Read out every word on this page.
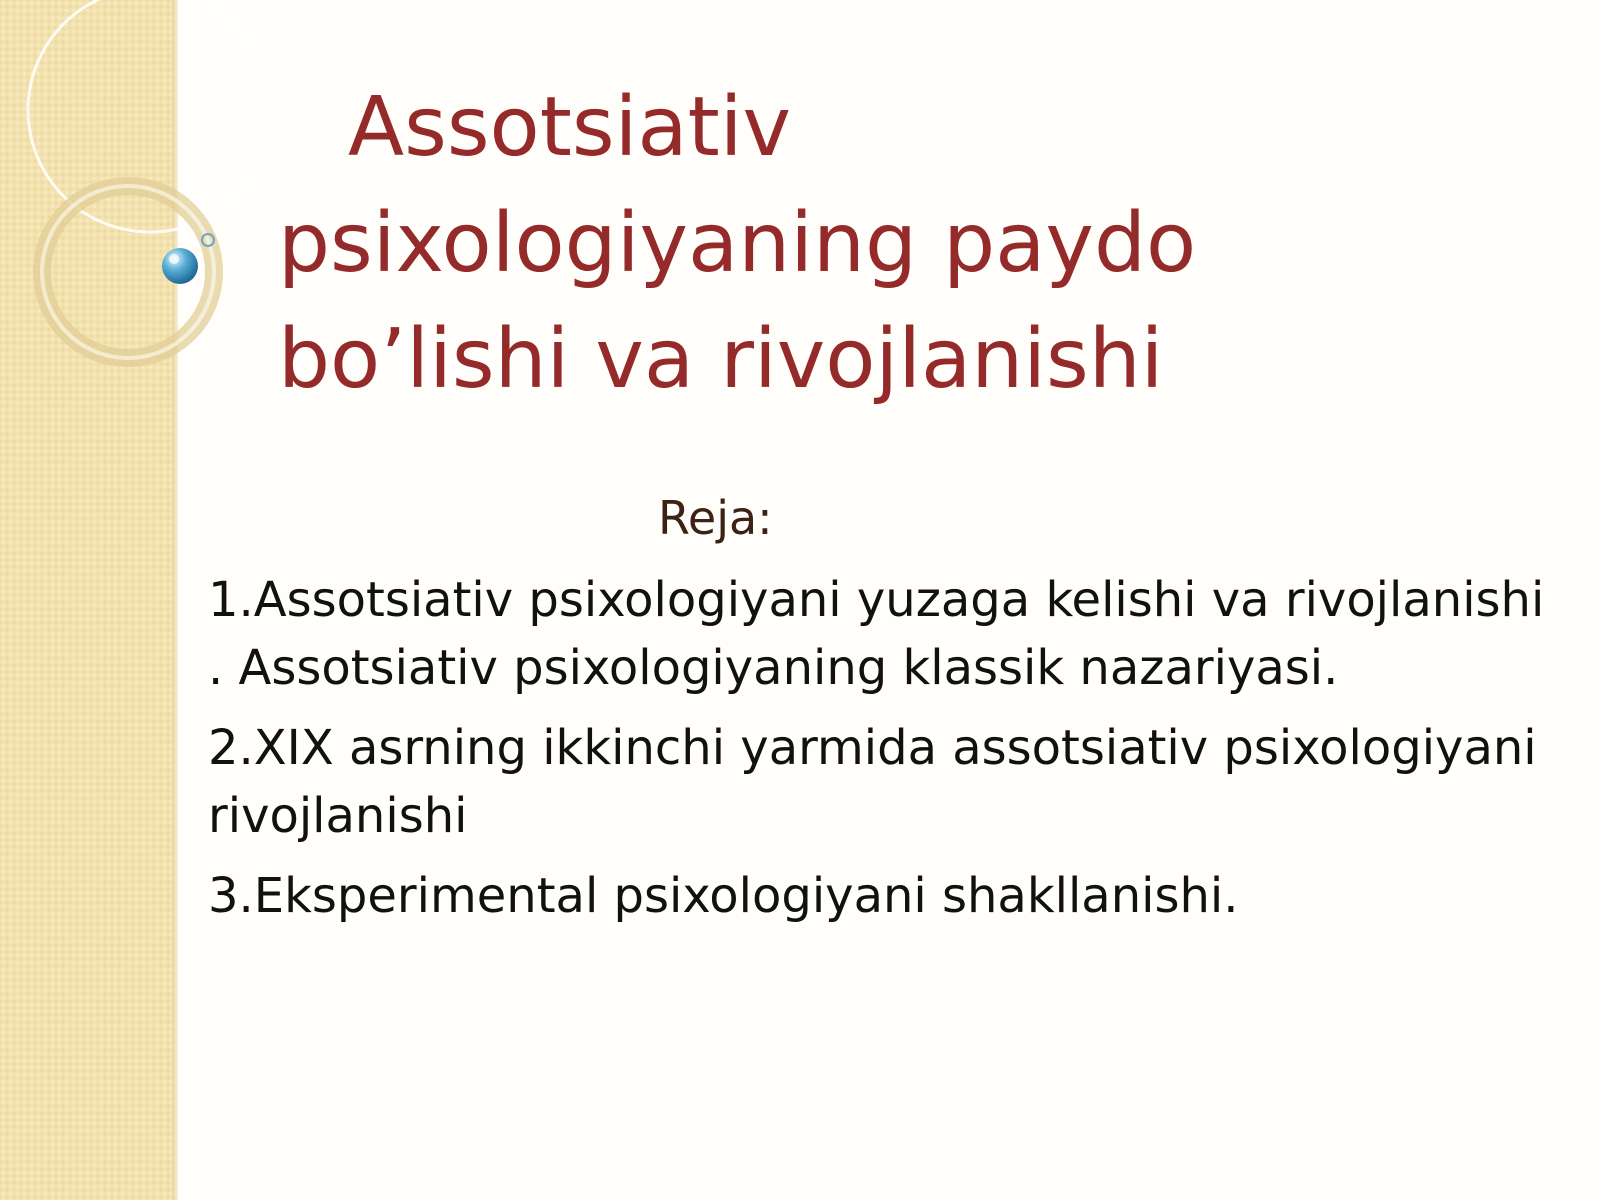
Assotsiativ
psixologiyaning paydo
bo’lishi va rivojlanishi
Reja:
1.Assotsiativ psixologiyani yuzaga kelishi va rivojlanishi . Assotsiativ psixologiyaning klassik nazariyasi.
2.XIX asrning ikkinchi yarmida assotsiativ psixologiyani rivojlanishi
3.Eksperimental psixologiyani shakllanishi.
